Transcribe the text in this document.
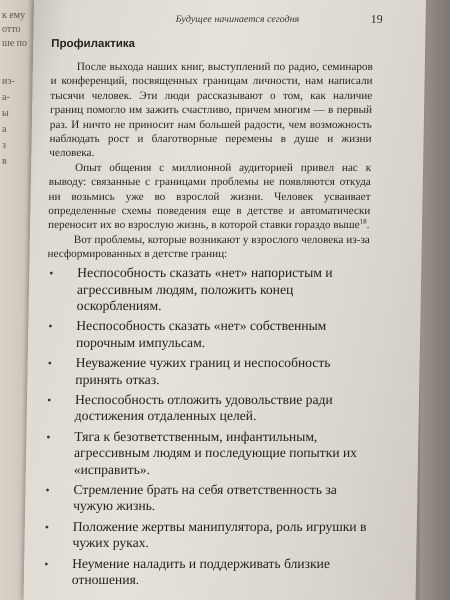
к ему
отто
ше по
из-
а-
ы
а
з
в
Будущее начинается сегодня	19
Профилактика

После выхода наших книг, выступлений по радио, семинаров и конференций, посвященных границам личности, нам написали тысячи человек. Эти люди рассказывают о том, как наличие границ помогло им зажить счастливо, причем многим — в первый раз. И ничто не приносит нам большей радости, чем возможность наблюдать рост и благотворные перемены в душе и жизни человека.

Опыт общения с миллионной аудиторией привел нас к выводу: связанные с границами проблемы не появляются откуда ни возьмись уже во взрослой жизни. Человек усваивает определенные схемы поведения еще в детстве и автоматически переносит их во взрослую жизнь, в которой ставки гораздо выше$^{18}$.

Вот проблемы, которые возникают у взрослого человека из-за несформированных в детстве границ:

• Неспособность сказать «нет» напористым и агрессивным людям, положить конец оскорблениям.
• Неспособность сказать «нет» собственным порочным импульсам.
• Неуважение чужих границ и неспособность принять отказ.
• Неспособность отложить удовольствие ради достижения отдаленных целей.
• Тяга к безответственным, инфантильным, агрессивным людям и последующие попытки их «исправить».
• Стремление брать на себя ответственность за чужую жизнь.
• Положение жертвы манипулятора, роль игрушки в чужих руках.
• Неумение наладить и поддерживать близкие отношения.
